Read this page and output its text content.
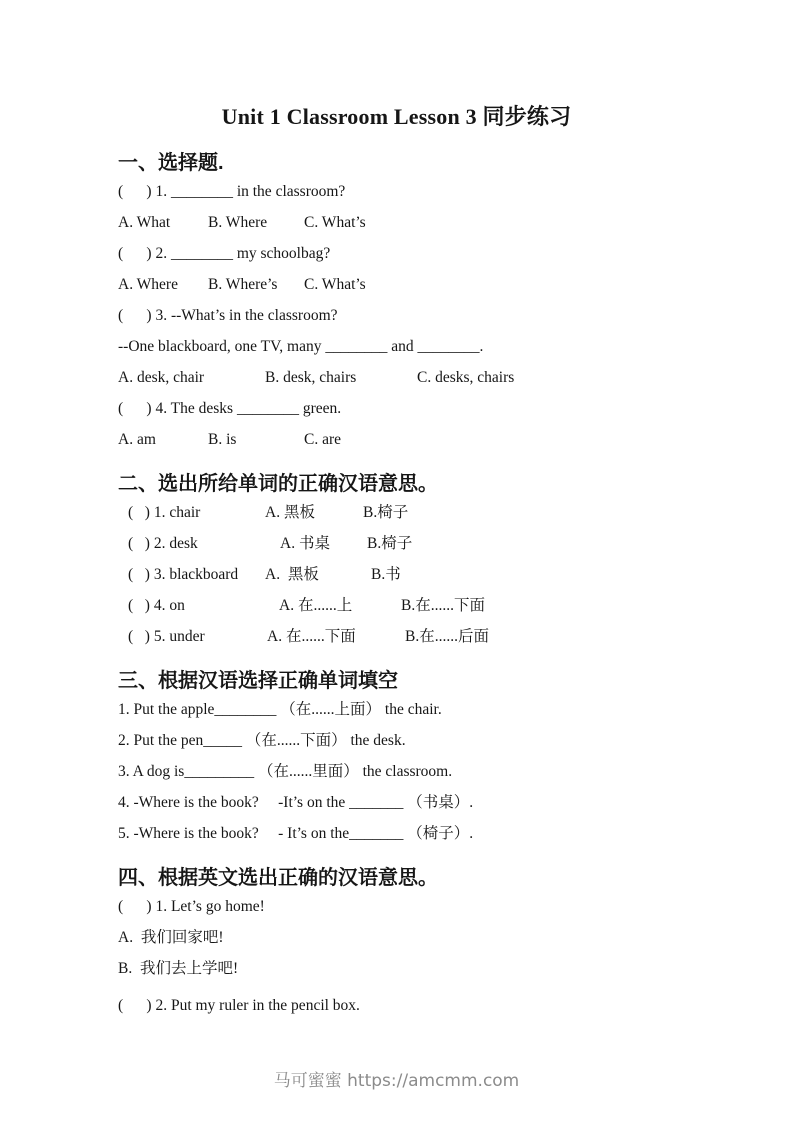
Unit 1 Classroom Lesson 3 同步练习
一、选择题.

(      ) 1. ________ in the classroom?

A. What B. Where C. What’s

(      ) 2. ________ my schoolbag?

A. Where B. Where’s C. What’s

(      ) 3. --What’s in the classroom?

--One blackboard, one TV, many ________ and ________.

A. desk, chair	B. desk, chairs	C. desks, chairs

(      ) 4. The desks ________ green.

A. am	B. is	C. are

二、选出所给单词的正确汉语意思。

(   ) 1. chair	A. 黑板	B.椅子

(   ) 2. desk	A. 书桌 B.椅子

(   ) 3. blackboard A.  黑板	B.书

(   ) 4. on	A. 在......上	B.在......下面

(   ) 5. under	A. 在......下面	B.在......后面

三、根据汉语选择正确单词填空

1. Put the apple________ （在......上面） the chair.

2. Put the pen_____ （在......下面） the desk.

3. A dog is_________ （在......里面） the classroom.

4. -Where is the book?     -It’s on the _______ （书桌）.

5. -Where is the book?     - It’s on the_______ （椅子）.

四、根据英文选出正确的汉语意思。

(      ) 1. Let’s go home!

A.  我们回家吧!

B.  我们去上学吧!

(      ) 2. Put my ruler in the pencil box.

马可蜜蜜 https://amcmm.com
